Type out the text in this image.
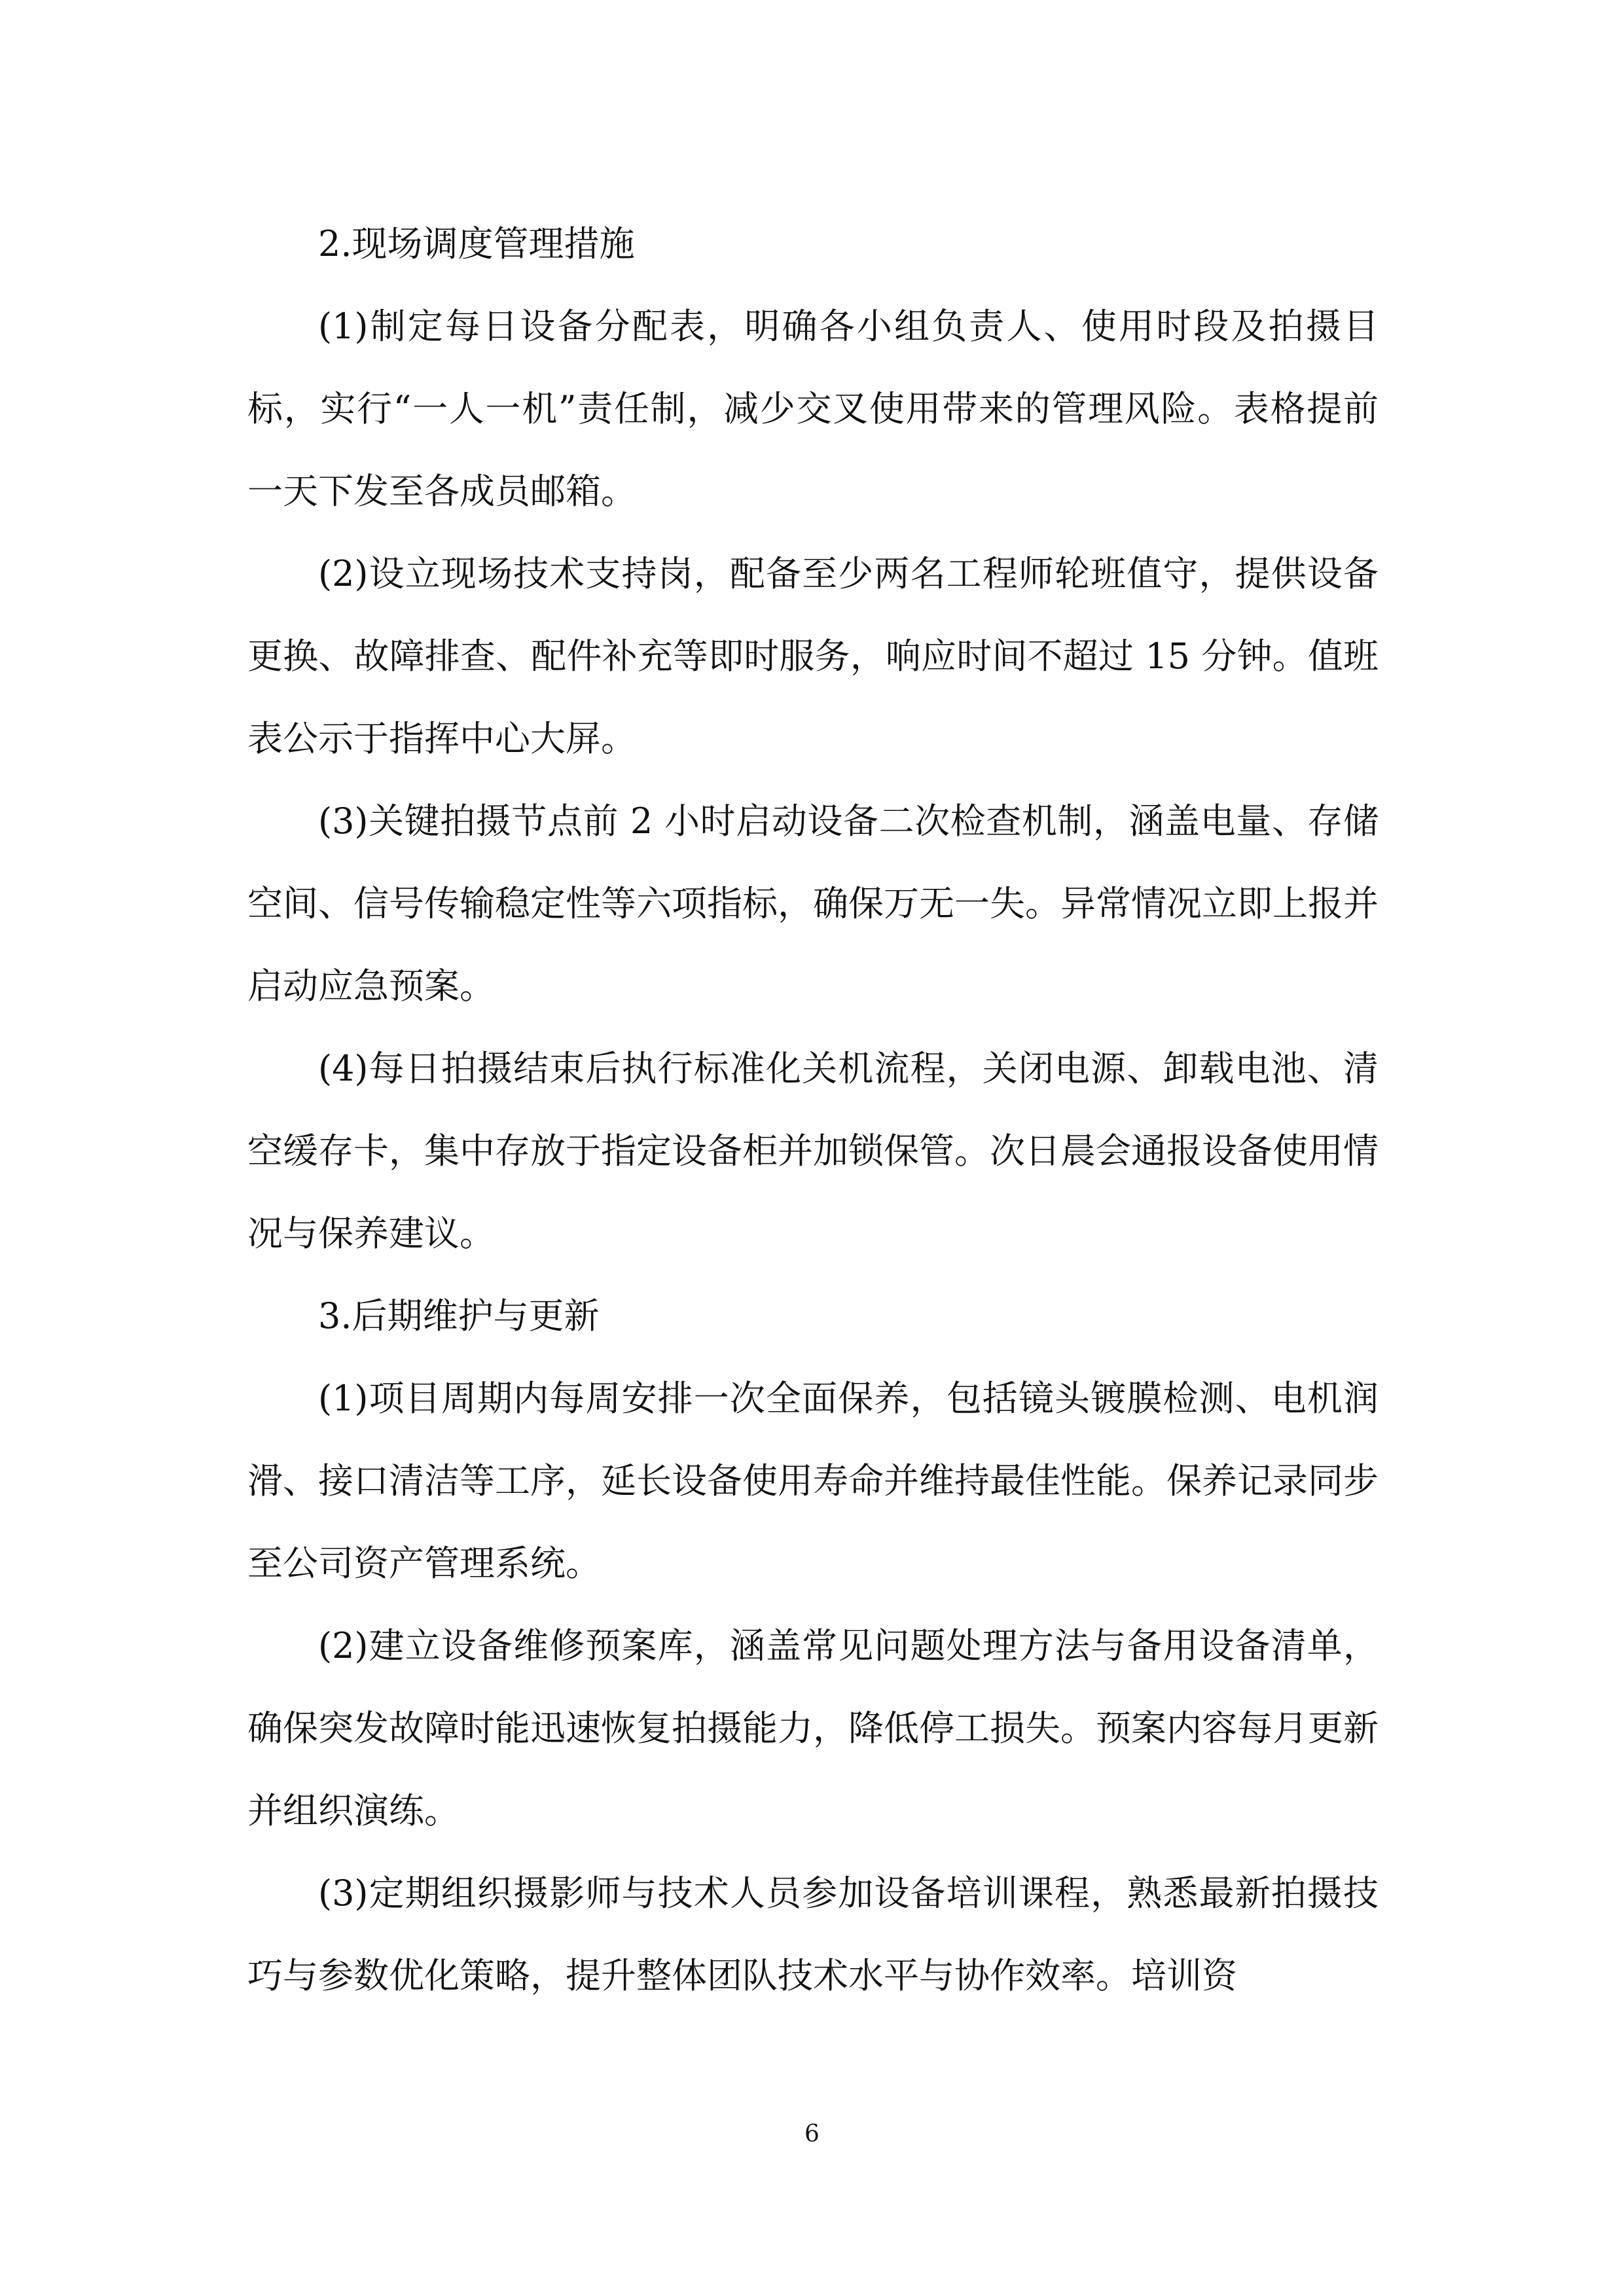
2.现场调度管理措施

(1)制定每日设备分配表，明确各小组负责人、使用时段及拍摄目标，实行“一人一机”责任制，减少交叉使用带来的管理风险。表格提前一天下发至各成员邮箱。

(2)设立现场技术支持岗，配备至少两名工程师轮班值守，提供设备更换、故障排查、配件补充等即时服务，响应时间不超过 15 分钟。值班表公示于指挥中心大屏。

(3)关键拍摄节点前 2 小时启动设备二次检查机制，涵盖电量、存储空间、信号传输稳定性等六项指标，确保万无一失。异常情况立即上报并启动应急预案。

(4)每日拍摄结束后执行标准化关机流程，关闭电源、卸载电池、清空缓存卡，集中存放于指定设备柜并加锁保管。次日晨会通报设备使用情况与保养建议。

3.后期维护与更新

(1)项目周期内每周安排一次全面保养，包括镜头镀膜检测、电机润滑、接口清洁等工序，延长设备使用寿命并维持最佳性能。保养记录同步至公司资产管理系统。

(2)建立设备维修预案库，涵盖常见问题处理方法与备用设备清单，确保突发故障时能迅速恢复拍摄能力，降低停工损失。预案内容每月更新并组织演练。

(3)定期组织摄影师与技术人员参加设备培训课程，熟悉最新拍摄技巧与参数优化策略，提升整体团队技术水平与协作效率。培训资

6
